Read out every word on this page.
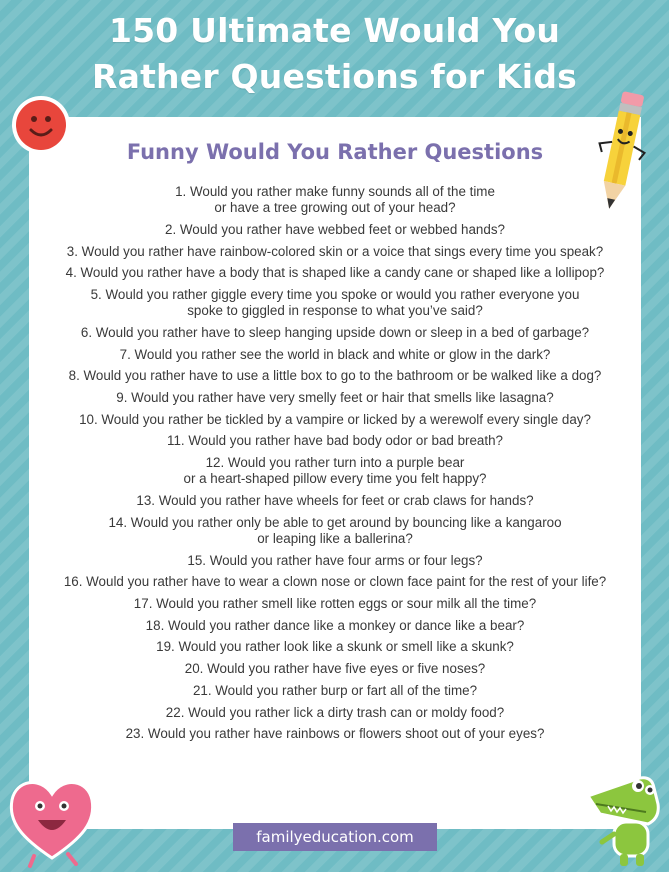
150 Ultimate Would You
Rather Questions for Kids
Funny Would You Rather Questions
1. Would you rather make funny sounds all of the time
or have a tree growing out of your head?
2. Would you rather have webbed feet or webbed hands?
3. Would you rather have rainbow-colored skin or a voice that sings every time you speak?
4. Would you rather have a body that is shaped like a candy cane or shaped like a lollipop?
5. Would you rather giggle every time you spoke or would you rather everyone you
spoke to giggled in response to what you’ve said?
6. Would you rather have to sleep hanging upside down or sleep in a bed of garbage?
7. Would you rather see the world in black and white or glow in the dark?
8. Would you rather have to use a little box to go to the bathroom or be walked like a dog?
9. Would you rather have very smelly feet or hair that smells like lasagna?
10. Would you rather be tickled by a vampire or licked by a werewolf every single day?
11. Would you rather have bad body odor or bad breath?
12. Would you rather turn into a purple bear
or a heart-shaped pillow every time you felt happy?
13. Would you rather have wheels for feet or crab claws for hands?
14. Would you rather only be able to get around by bouncing like a kangaroo
or leaping like a ballerina?
15. Would you rather have four arms or four legs?
16. Would you rather have to wear a clown nose or clown face paint for the rest of your life?
17. Would you rather smell like rotten eggs or sour milk all the time?
18. Would you rather dance like a monkey or dance like a bear?
19. Would you rather look like a skunk or smell like a skunk?
20. Would you rather have five eyes or five noses?
21. Would you rather burp or fart all of the time?
22. Would you rather lick a dirty trash can or moldy food?
23. Would you rather have rainbows or flowers shoot out of your eyes?
familyeducation.com
